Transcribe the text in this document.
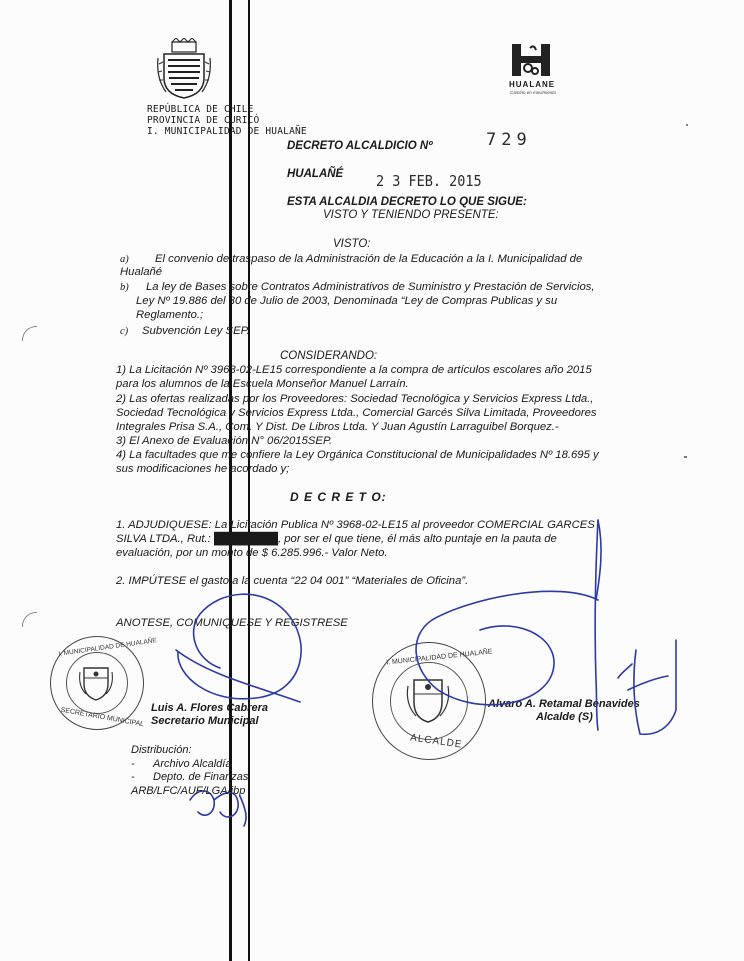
HUALANE
Camino en movimiento
REPÚBLICA DE CHILE
PROVINCIA DE CURICÓ
I. MUNICIPALIDAD DE HUALAÑE
DECRETO ALCALDICIO Nº	729
HUALAÑÉ 2 3 FEB. 2015
ESTA ALCALDIA DECRETO LO QUE SIGUE:
VISTO Y TENIENDO PRESENTE:
VISTO:
a) El convenio de traspaso de la Administración de la Educación a la I. Municipalidad de
Hualañé
b) La ley de Bases sobre Contratos Administrativos de Suministro y Prestación de Servicios,
Ley Nº 19.886 del 30 de Julio de 2003, Denominada “Ley de Compras Publicas y su
Reglamento.;
c) Subvención Ley SEP.
CONSIDERANDO:
1) La Licitación Nº 3968-02-LE15 correspondiente a la compra de artículos escolares año 2015
para los alumnos de la Escuela Monseñor Manuel Larraín.
2) Las ofertas realizadas por los Proveedores: Sociedad Tecnológica y Servicios Express Ltda.,
Sociedad Tecnológica y Servicios Express Ltda., Comercial Garcés Silva Limitada, Proveedores
Integrales Prisa S.A., Com. Y Dist. De Libros Ltda. Y Juan Agustín Larraguibel Borquez.-
3) El Anexo de Evaluación N° 06/2015SEP.
4) La facultades que me confiere la Ley Orgánica Constitucional de Municipalidades Nº 18.695 y
sus modificaciones he acordado y;
D E C R E T O:
1. ADJUDIQUESE: La Licitación Publica Nº 3968-02-LE15 al proveedor COMERCIAL GARCES
SILVA LTDA., Rut.: ████████, por ser el que tiene, él más alto puntaje en la pauta de
evaluación, por un monto de $ 6.285.996.- Valor Neto.
2. IMPÚTESE el gasto a la cuenta “22 04 001” “Materiales de Oficina”.
ANOTESE, COMUNIQUESE Y REGISTRESE
Luis A. Flores Cabrera
Secretario Municipal
Alvaro A. Retamal Benavides
Alcalde (S)
I. MUNICIPALIDAD DE HUALAÑE
SECRETARIO MUNICIPAL
I. MUNICIPALIDAD DE HUALAÑE
ALCALDE
Distribución:
- Archivo Alcaldía
- Depto. de Finanzas
ARB/LFC/AUF/LGA/jbp
